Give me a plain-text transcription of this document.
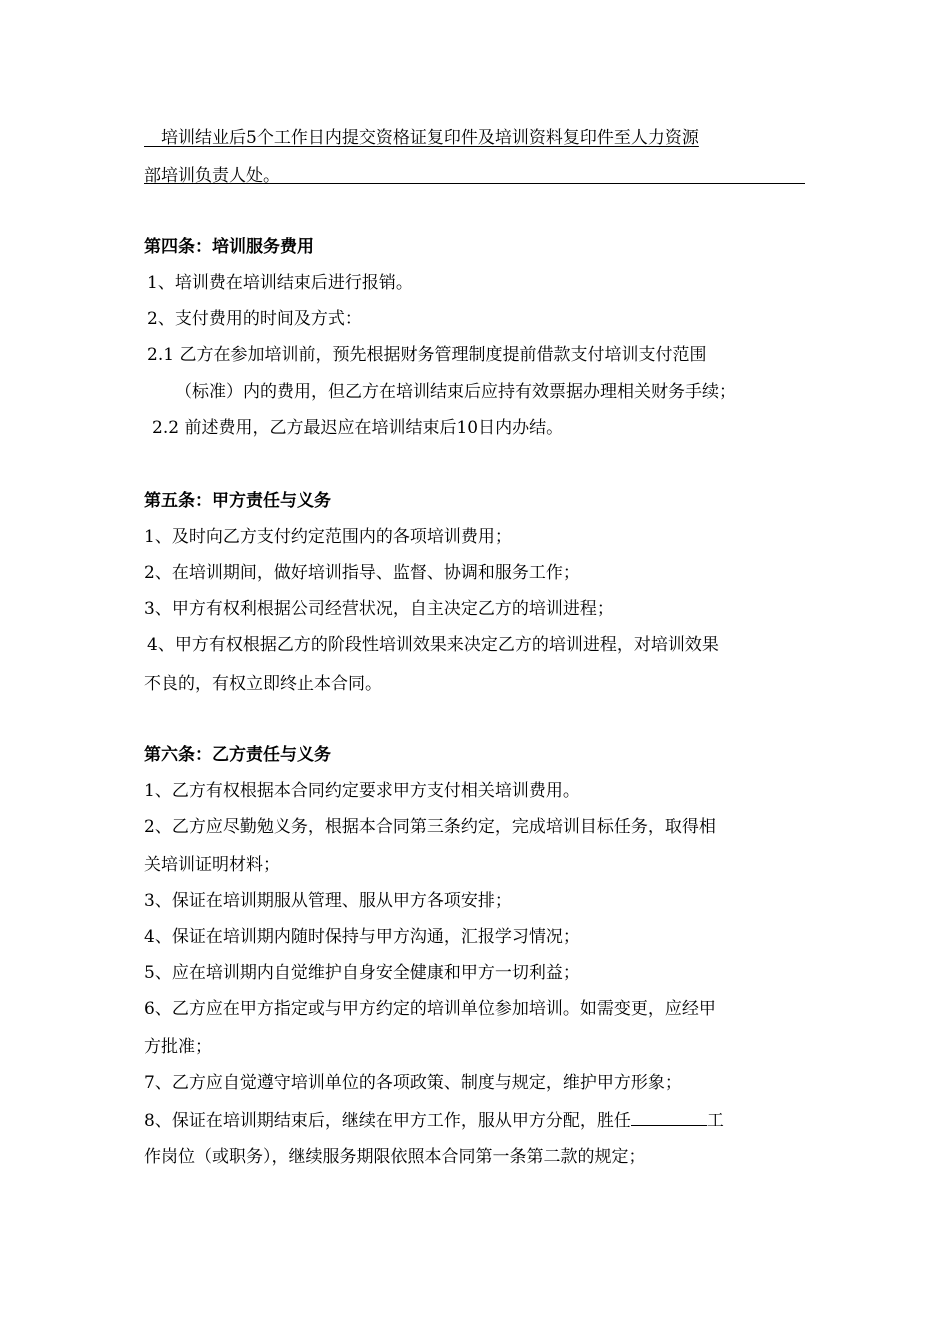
　培训结业后5个工作日内提交资格证复印件及培训资料复印件至人力资源
部培训负责人处。
第四条：培训服务费用
1、培训费在培训结束后进行报销。
2、支付费用的时间及方式：
2.1 乙方在参加培训前，预先根据财务管理制度提前借款支付培训支付范围
（标准）内的费用，但乙方在培训结束后应持有效票据办理相关财务手续；
2.2 前述费用，乙方最迟应在培训结束后10日内办结。
第五条：甲方责任与义务
1、及时向乙方支付约定范围内的各项培训费用；
2、在培训期间，做好培训指导、监督、协调和服务工作；
3、甲方有权利根据公司经营状况，自主决定乙方的培训进程；
4、甲方有权根据乙方的阶段性培训效果来决定乙方的培训进程，对培训效果
不良的，有权立即终止本合同。
第六条：乙方责任与义务
1、乙方有权根据本合同约定要求甲方支付相关培训费用。
2、乙方应尽勤勉义务，根据本合同第三条约定，完成培训目标任务，取得相
关培训证明材料；
3、保证在培训期服从管理、服从甲方各项安排；
4、保证在培训期内随时保持与甲方沟通，汇报学习情况；
5、应在培训期内自觉维护自身安全健康和甲方一切利益；
6、乙方应在甲方指定或与甲方约定的培训单位参加培训。如需变更，应经甲
方批准；
7、乙方应自觉遵守培训单位的各项政策、制度与规定，维护甲方形象；
8、保证在培训期结束后，继续在甲方工作，服从甲方分配，胜任	工
作岗位（或职务），继续服务期限依照本合同第一条第二款的规定；
